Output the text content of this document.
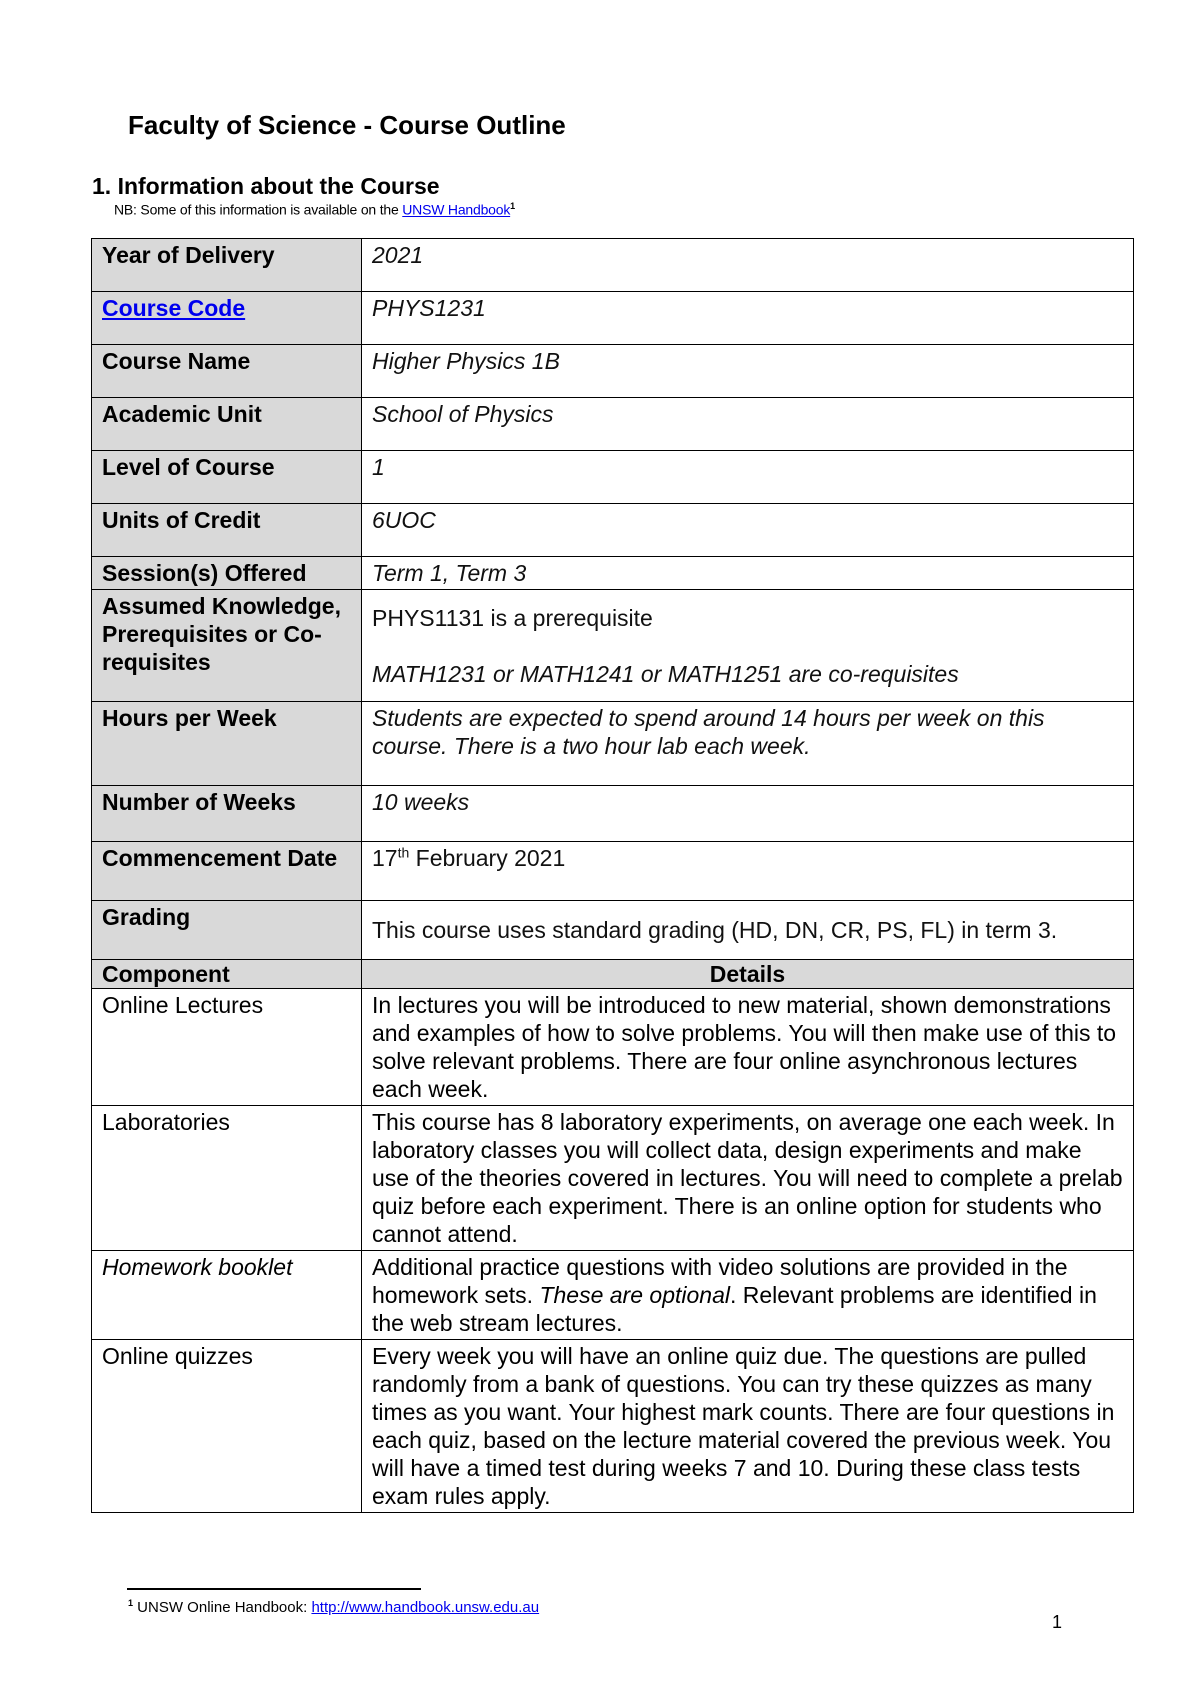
Faculty of Science - Course Outline
1. Information about the Course
NB: Some of this information is available on the UNSW Handbook$^1$
Year of Delivery	2021
Course Code	PHYS1231
Course Name	Higher Physics 1B
Academic Unit	School of Physics
Level of Course	1
Units of Credit	6UOC
Session(s) Offered	Term 1, Term 3
Assumed Knowledge, Prerequisites or Co-requisites	PHYS1131 is a prerequisite
MATH1231 or MATH1241 or MATH1251 are co-requisites

Hours per Week	Students are expected to spend around 14 hours per week on this course. There is a two hour lab each week.
Number of Weeks	10 weeks
Commencement Date	17th February 2021
Grading	This course uses standard grading (HD, DN, CR, PS, FL) in term 3.
Component	Details
Online Lectures	In lectures you will be introduced to new material, shown demonstrations and examples of how to solve problems. You will then make use of this to solve relevant problems. There are four online asynchronous lectures each week.
Laboratories	This course has 8 laboratory experiments, on average one each week. In laboratory classes you will collect data, design experiments and make use of the theories covered in lectures. You will need to complete a prelab quiz before each experiment. There is an online option for students who cannot attend.
Homework booklet	Additional practice questions with video solutions are provided in the homework sets. These are optional. Relevant problems are identified in the web stream lectures.
Online quizzes	Every week you will have an online quiz due. The questions are pulled randomly from a bank of questions. You can try these quizzes as many times as you want. Your highest mark counts. There are four questions in each quiz, based on the lecture material covered the previous week. You will have a timed test during weeks 7 and 10. During these class tests exam rules apply.
$^1$ UNSW Online Handbook: http://www.handbook.unsw.edu.au
1
